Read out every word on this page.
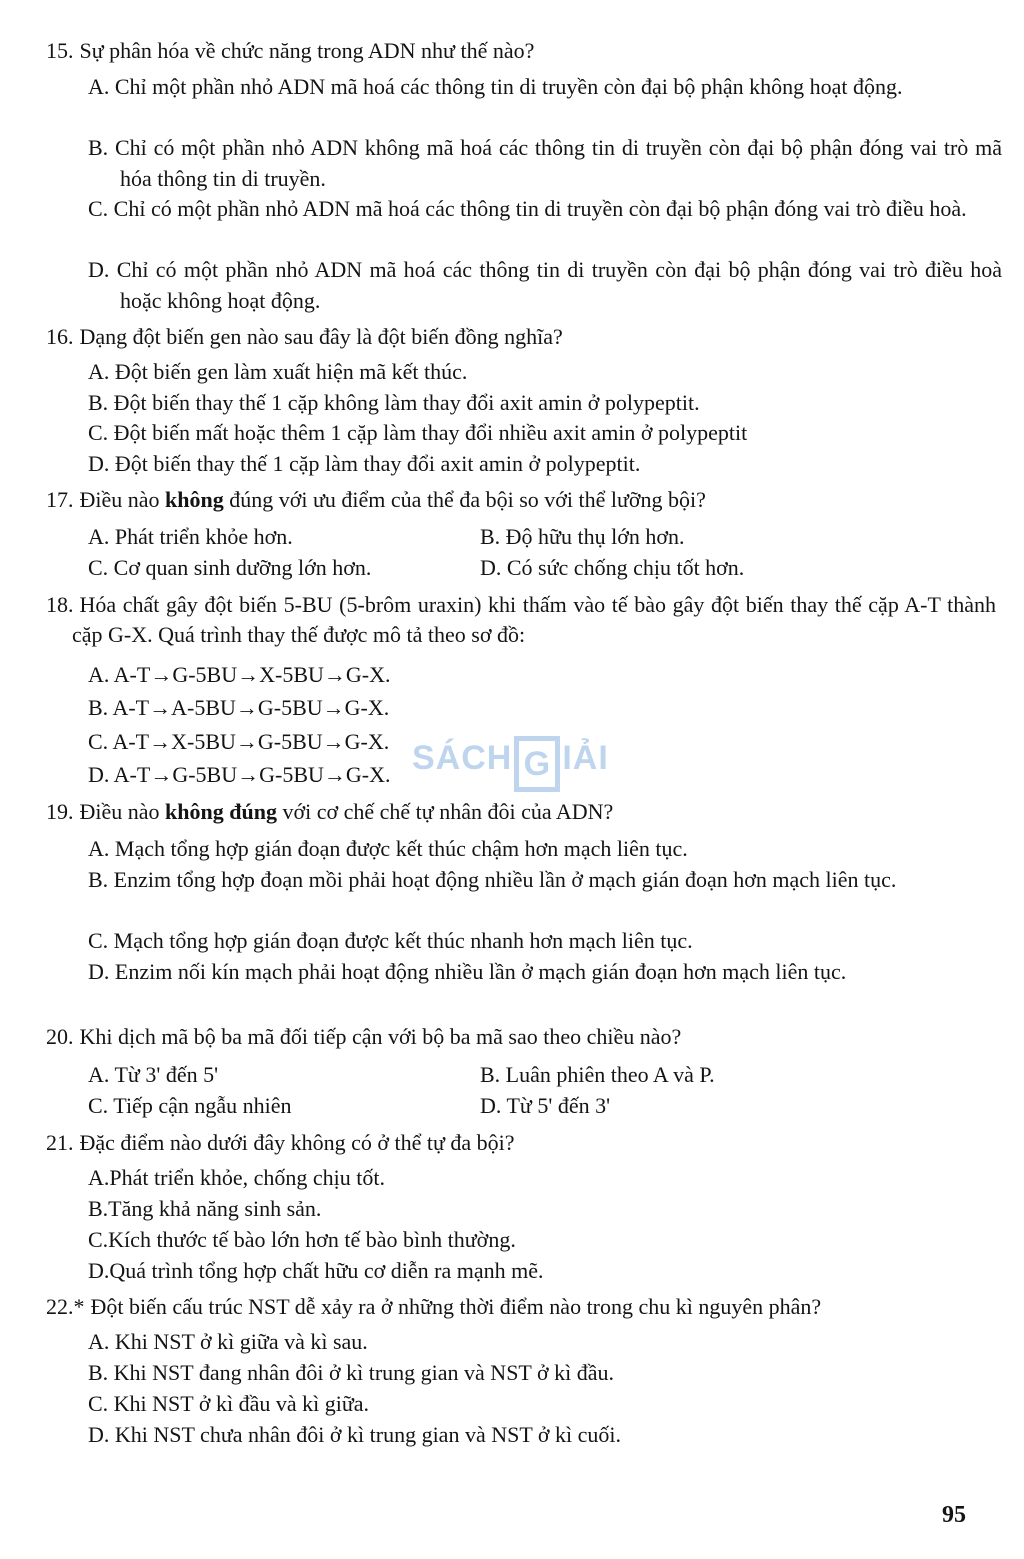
15. Sự phân hóa về chức năng trong ADN như thế nào?

A. Chỉ một phần nhỏ ADN mã hoá các thông tin di truyền còn đại bộ phận không hoạt động.

B. Chỉ có một phần nhỏ ADN không mã hoá các thông tin di truyền còn đại bộ phận đóng vai trò mã hóa thông tin di truyền.

C. Chỉ có một phần nhỏ ADN mã hoá các thông tin di truyền còn đại bộ phận đóng vai trò điều hoà.

D. Chỉ có một phần nhỏ ADN mã hoá các thông tin di truyền còn đại bộ phận đóng vai trò điều hoà hoặc không hoạt động.

16. Dạng đột biến gen nào sau đây là đột biến đồng nghĩa?

A. Đột biến gen làm xuất hiện mã kết thúc.

B. Đột biến thay thế 1 cặp không làm thay đổi axit amin ở polypeptit.

C. Đột biến mất hoặc thêm 1 cặp làm thay đổi nhiều axit amin ở polypeptit

D. Đột biến thay thế 1 cặp làm thay đổi axit amin ở polypeptit.

17. Điều nào không đúng với ưu điểm của thể đa bội so với thể lưỡng bội?

A. Phát triển khỏe hơn.	B. Độ hữu thụ lớn hơn.

C. Cơ quan sinh dưỡng lớn hơn.	D. Có sức chống chịu tốt hơn.

18. Hóa chất gây đột biến 5-BU (5-brôm uraxin) khi thấm vào tế bào gây đột biến thay thế cặp A-T thành cặp G-X. Quá trình thay thế được mô tả theo sơ đồ:

A. A-T→G-5BU→X-5BU→G-X.

B. A-T→A-5BU→G-5BU→G-X.

C. A-T→X-5BU→G-5BU→G-X.

D. A-T→G-5BU→G-5BU→G-X.

19. Điều nào không đúng với cơ chế chế tự nhân đôi của ADN?

A. Mạch tổng hợp gián đoạn được kết thúc chậm hơn mạch liên tục.

B. Enzim tổng hợp đoạn mồi phải hoạt động nhiều lần ở mạch gián đoạn hơn mạch liên tục.

C. Mạch tổng hợp gián đoạn được kết thúc nhanh hơn mạch liên tục.

D. Enzim nối kín mạch phải hoạt động nhiều lần ở mạch gián đoạn hơn mạch liên tục.

20. Khi dịch mã bộ ba mã đối tiếp cận với bộ ba mã sao theo chiều nào?

A. Từ 3' đến 5'	B. Luân phiên theo A và P.

C. Tiếp cận ngẫu nhiên	D. Từ 5' đến 3'

21. Đặc điểm nào dưới đây không có ở thể tự đa bội?

A.Phát triển khỏe, chống chịu tốt.

B.Tăng khả năng sinh sản.

C.Kích thước tế bào lớn hơn tế bào bình thường.

D.Quá trình tổng hợp chất hữu cơ diễn ra mạnh mẽ.

22.* Đột biến cấu trúc NST dễ xảy ra ở những thời điểm nào trong chu kì nguyên phân?

A. Khi NST ở kì giữa và kì sau.

B. Khi NST đang nhân đôi ở kì trung gian và NST ở kì đầu.

C. Khi NST ở kì đầu và kì giữa.

D. Khi NST chưa nhân đôi ở kì trung gian và NST ở kì cuối.

SÁCH G IẢI
95
